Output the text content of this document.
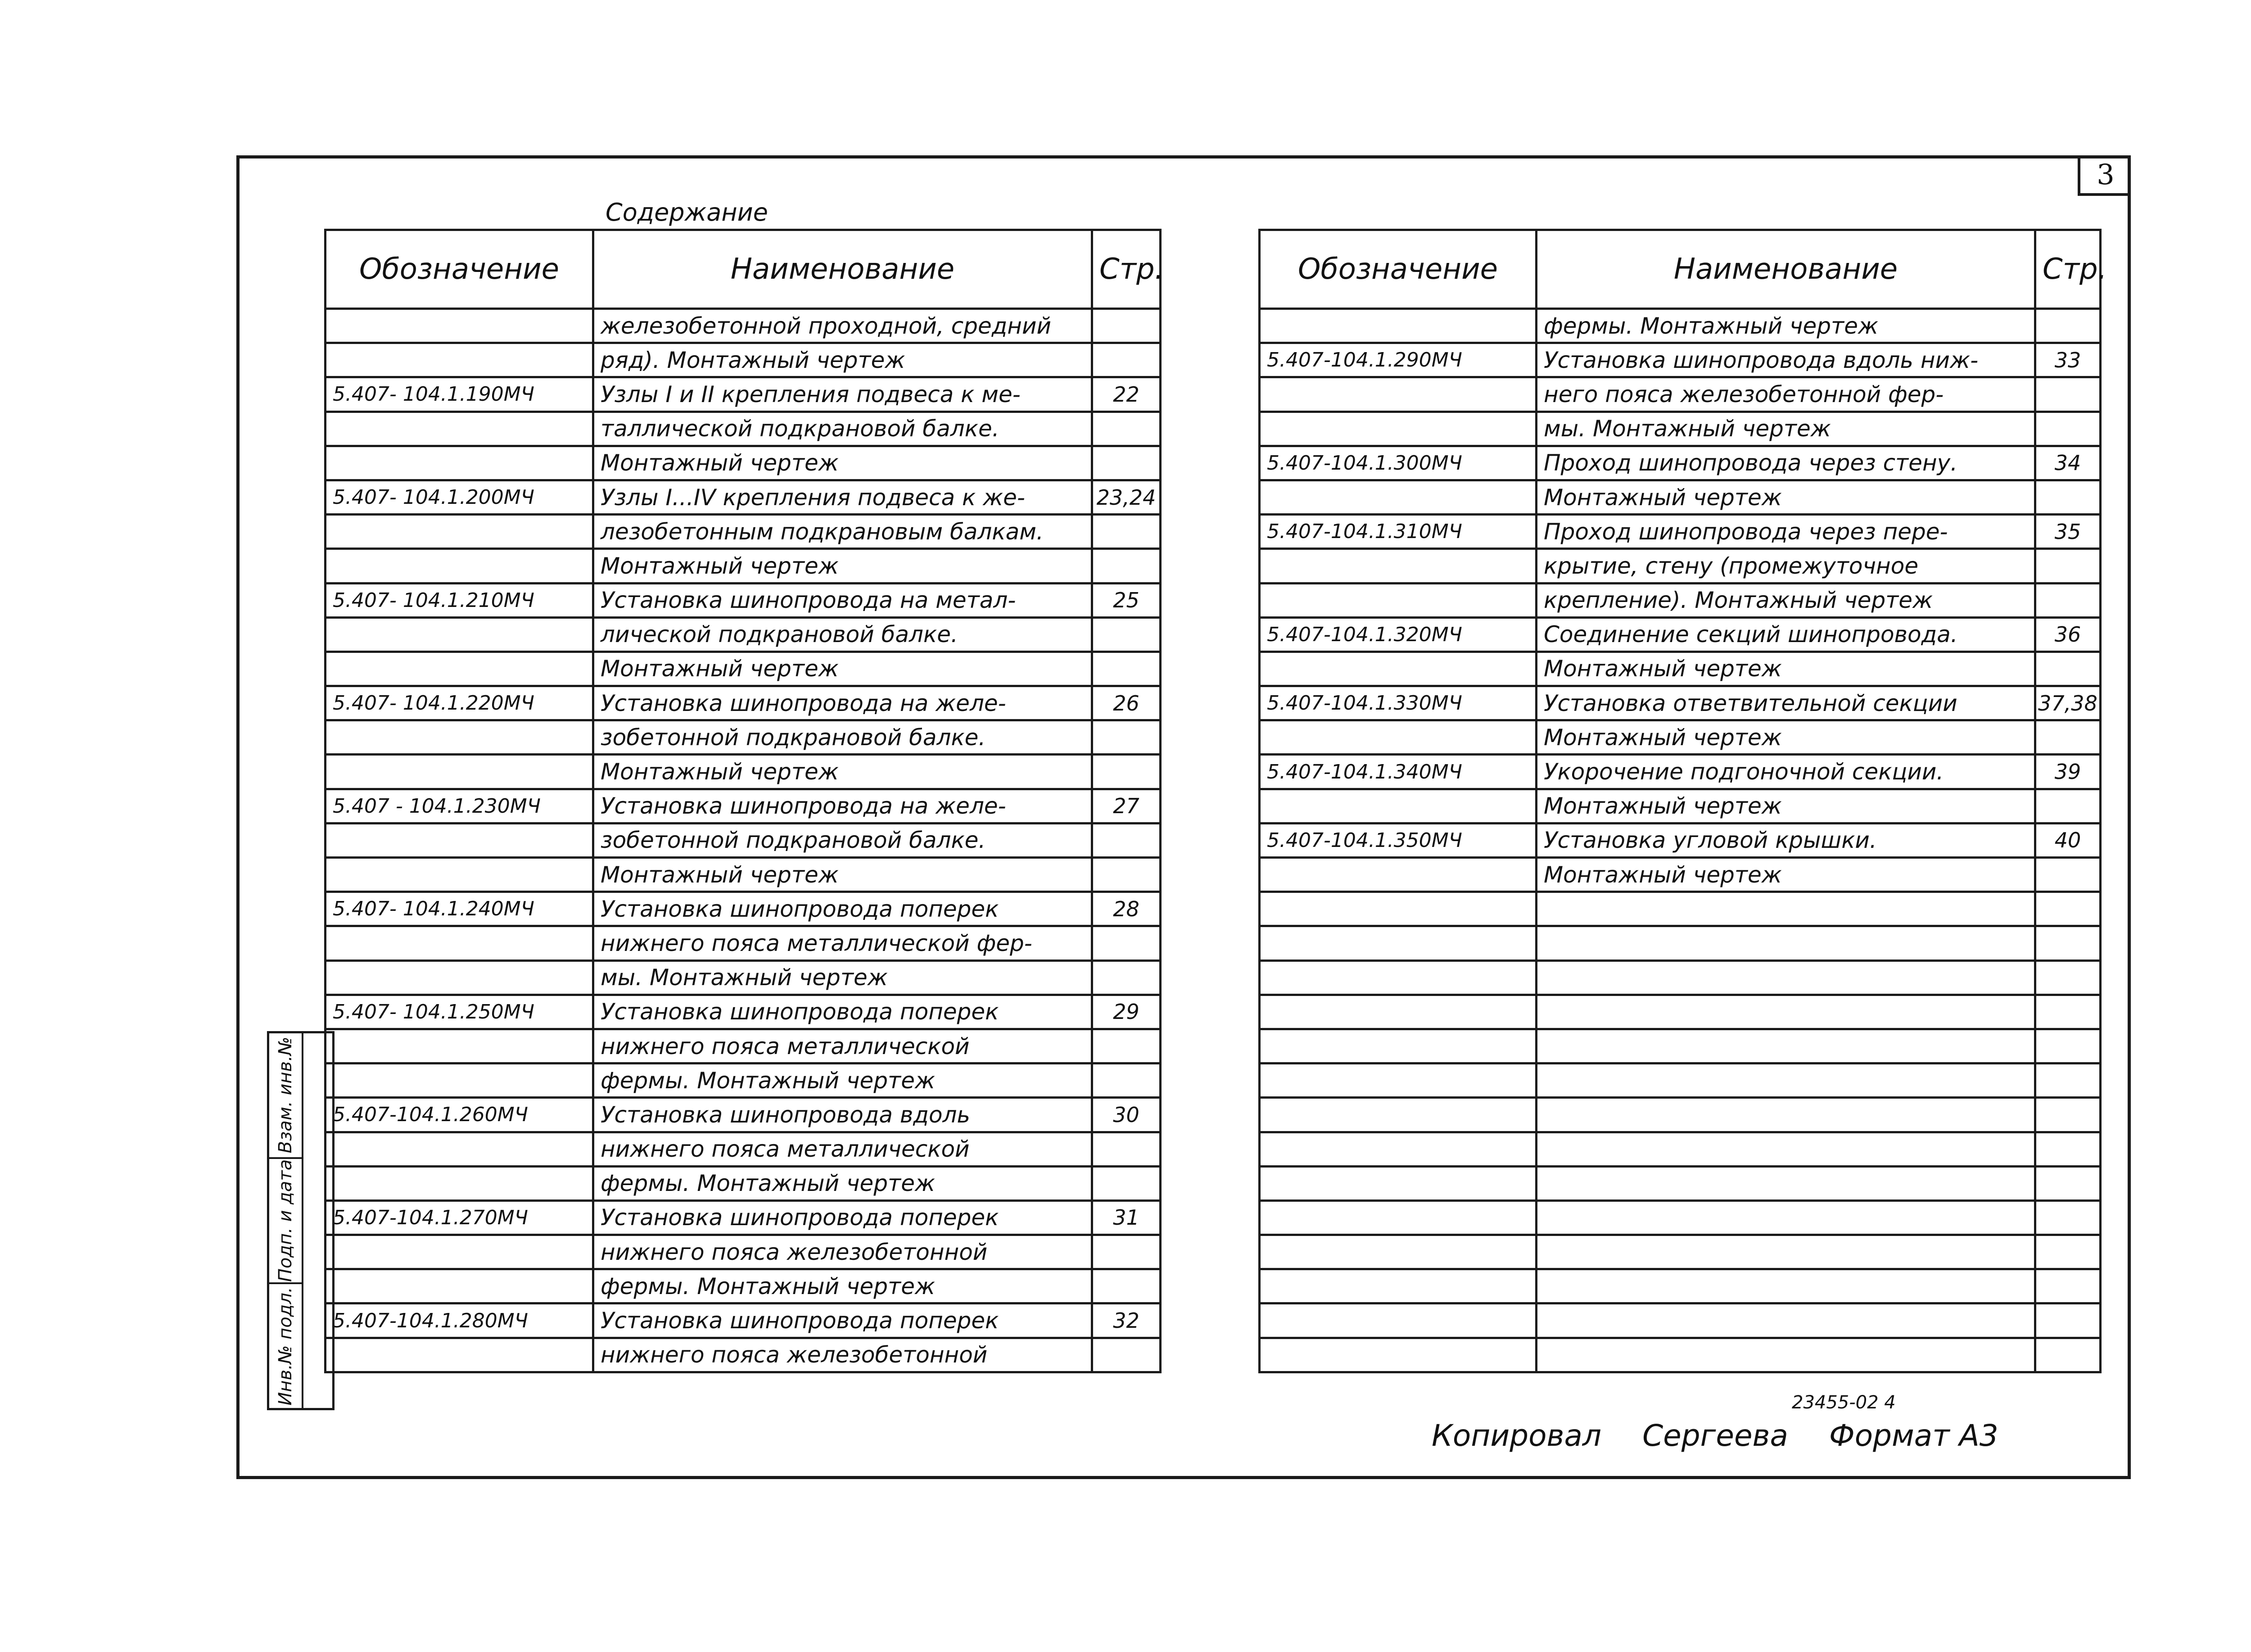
3
Содержание
Обозначение	Наименование	Стр.
	железобетонной проходной, средний	
	ряд). Монтажный чертеж	
5.407- 104.1.190МЧ	Узлы I и II крепления подвеса к ме-	22
	таллической подкрановой балке.	
	Монтажный чертеж	
5.407- 104.1.200МЧ	Узлы I...IV крепления подвеса к же-	23,24
	лезобетонным подкрановым балкам.	
	Монтажный чертеж	
5.407- 104.1.210МЧ	Установка шинопровода на метал-	25
	лической подкрановой балке.	
	Монтажный чертеж	
5.407- 104.1.220МЧ	Установка шинопровода на желе-	26
	зобетонной подкрановой балке.	
	Монтажный чертеж	
5.407 - 104.1.230МЧ	Установка шинопровода на желе-	27
	зобетонной подкрановой балке.	
	Монтажный чертеж	
5.407- 104.1.240МЧ	Установка шинопровода поперек	28
	нижнего пояса металлической фер-	
	мы. Монтажный чертеж	
5.407- 104.1.250МЧ	Установка шинопровода поперек	29
	нижнего пояса металлической	
	фермы. Монтажный чертеж	
5.407-104.1.260МЧ	Установка шинопровода вдоль	30
	нижнего пояса металлической	
	фермы. Монтажный чертеж	
5.407-104.1.270МЧ	Установка шинопровода поперек	31
	нижнего пояса железобетонной	
	фермы. Монтажный чертеж	
5.407-104.1.280МЧ	Установка шинопровода поперек	32
	нижнего пояса железобетонной	
Обозначение	Наименование	Стр.
	фермы. Монтажный чертеж	
5.407-104.1.290МЧ	Установка шинопровода вдоль ниж-	33
	него пояса железобетонной фер-	
	мы. Монтажный чертеж	
5.407-104.1.300МЧ	Проход шинопровода через стену.	34
	Монтажный чертеж	
5.407-104.1.310МЧ	Проход шинопровода через пере-	35
	крытие, стену (промежуточное	
	крепление). Монтажный чертеж	
5.407-104.1.320МЧ	Соединение секций шинопровода.	36
	Монтажный чертеж	
5.407-104.1.330МЧ	Установка ответвительной секции	37,38
	Монтажный чертеж	
5.407-104.1.340МЧ	Укорочение подгоночной секции.	39
	Монтажный чертеж	
5.407-104.1.350МЧ	Установка угловой крышки.	40
	Монтажный чертеж	

Взам. инв.№
Подп. и дата
Инв.№ подл.
Копировал Сергеева Формат А3
23455-02 4
